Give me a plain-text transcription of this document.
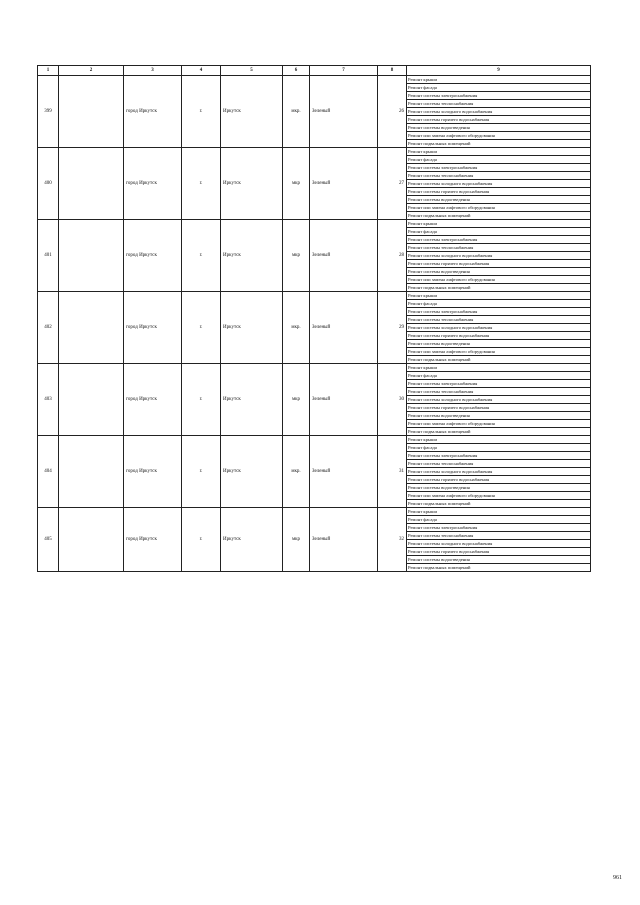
1	2	3	4	5	6	7	8	9
399		город Иркутск	г.	Иркутск	мкр.	Зеленый	26	Ремонт крыши
								Ремонт фасада
								Ремонт системы электроснабжения
								Ремонт системы теплоснабжения
								Ремонт системы холодного водоснабжения
								Ремонт системы горячего водоснабжения
								Ремонт системы водоотведения
								Ремонт или замена лифтового оборудования
								Ремонт подвальных помещений
400		город Иркутск	г.	Иркутск	мкр	Зеленый	27	Ремонт крыши
								Ремонт фасада
								Ремонт системы электроснабжения
								Ремонт системы теплоснабжения
								Ремонт системы холодного водоснабжения
								Ремонт системы горячего водоснабжения
								Ремонт системы водоотведения
								Ремонт или замена лифтового оборудования
								Ремонт подвальных помещений
401		город Иркутск	г.	Иркутск	мкр	Зеленый	28	Ремонт крыши
								Ремонт фасада
								Ремонт системы электроснабжения
								Ремонт системы теплоснабжения
								Ремонт системы холодного водоснабжения
								Ремонт системы горячего водоснабжения
								Ремонт системы водоотведения
								Ремонт или замена лифтового оборудования
								Ремонт подвальных помещений
402		город Иркутск	г.	Иркутск	мкр.	Зеленый	29	Ремонт крыши
								Ремонт фасада
								Ремонт системы электроснабжения
								Ремонт системы теплоснабжения
								Ремонт системы холодного водоснабжения
								Ремонт системы горячего водоснабжения
								Ремонт системы водоотведения
								Ремонт или замена лифтового оборудования
								Ремонт подвальных помещений
403		город Иркутск	г.	Иркутск	мкр	Зеленый	30	Ремонт крыши
								Ремонт фасада
								Ремонт системы электроснабжения
								Ремонт системы теплоснабжения
								Ремонт системы холодного водоснабжения
								Ремонт системы горячего водоснабжения
								Ремонт системы водоотведения
								Ремонт или замена лифтового оборудования
								Ремонт подвальных помещений
404		город Иркутск	г.	Иркутск	мкр.	Зеленый	31	Ремонт крыши
								Ремонт фасада
								Ремонт системы электроснабжения
								Ремонт системы теплоснабжения
								Ремонт системы холодного водоснабжения
								Ремонт системы горячего водоснабжения
								Ремонт системы водоотведения
								Ремонт или замена лифтового оборудования
								Ремонт подвальных помещений
405		город Иркутск	г.	Иркутск	мкр	Зеленый	32	Ремонт крыши
								Ремонт фасада
								Ремонт системы электроснабжения
								Ремонт системы теплоснабжения
								Ремонт системы холодного водоснабжения
								Ремонт системы горячего водоснабжения
								Ремонт системы водоотведения
								Ремонт подвальных помещений
961
